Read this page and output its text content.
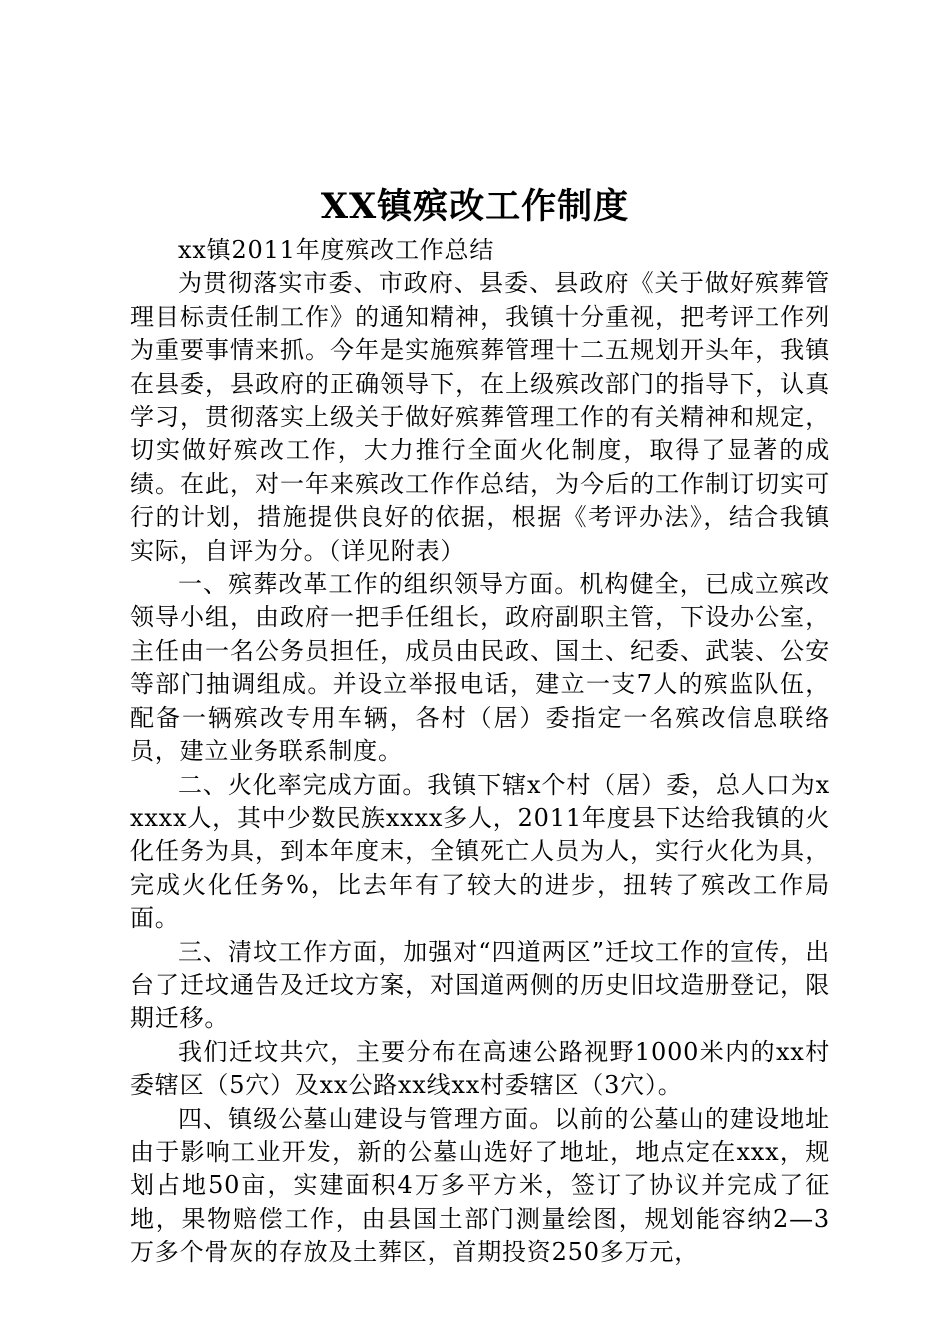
XX镇殡改工作制度

xx镇2011年度殡改工作总结

为贯彻落实市委、市政府、县委、县政府《关于做好殡葬管理目标责任制工作》的通知精神，我镇十分重视，把考评工作列为重要事情来抓。今年是实施殡葬管理十二五规划开头年，我镇在县委，县政府的正确领导下，在上级殡改部门的指导下，认真学习，贯彻落实上级关于做好殡葬管理工作的有关精神和规定，切实做好殡改工作，大力推行全面火化制度，取得了显著的成绩。在此，对一年来殡改工作作总结，为今后的工作制订切实可行的计划，措施提供良好的依据，根据《考评办法》，结合我镇实际，自评为分。（详见附表）

一、殡葬改革工作的组织领导方面。机构健全，已成立殡改领导小组，由政府一把手任组长，政府副职主管，下设办公室，主任由一名公务员担任，成员由民政、国土、纪委、武装、公安等部门抽调组成。并设立举报电话，建立一支7人的殡监队伍，配备一辆殡改专用车辆，各村（居）委指定一名殡改信息联络员，建立业务联系制度。

二、火化率完成方面。我镇下辖x个村（居）委，总人口为xxxxx人，其中少数民族xxxx多人，2011年度县下达给我镇的火化任务为具，到本年度末，全镇死亡人员为人，实行火化为具，完成火化任务%，比去年有了较大的进步，扭转了殡改工作局面。

三、清坟工作方面，加强对“四道两区”迁坟工作的宣传，出台了迁坟通告及迁坟方案，对国道两侧的历史旧坟造册登记，限期迁移。

我们迁坟共穴，主要分布在高速公路视野1000米内的xx村委辖区（5穴）及xx公路xx线xx村委辖区（3穴）。

四、镇级公墓山建设与管理方面。以前的公墓山的建设地址由于影响工业开发，新的公墓山选好了地址，地点定在xxx，规划占地50亩，实建面积4万多平方米，签订了协议并完成了征地，果物赔偿工作，由县国土部门测量绘图，规划能容纳2—3万多个骨灰的存放及土葬区，首期投资250多万元，
